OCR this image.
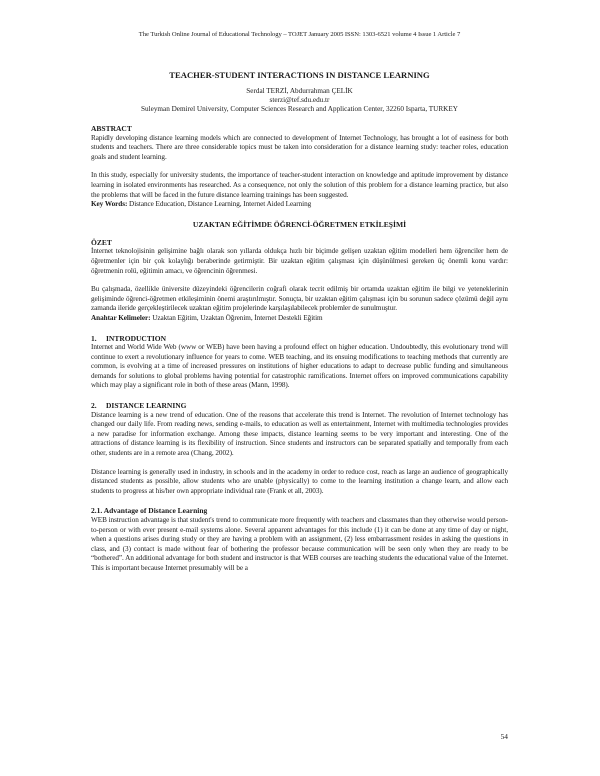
The Turkish Online Journal of Educational Technology – TOJET January 2005 ISSN: 1303-6521 volume 4 Issue 1 Article 7
TEACHER-STUDENT INTERACTIONS IN DISTANCE LEARNING
Serdal TERZİ, Abdurrahman ÇELİK
sterzi@tef.sdu.edu.tr
Suleyman Demirel University, Computer Sciences Research and Application Center, 32260 Isparta, TURKEY
ABSTRACT

Rapidly developing distance learning models which are connected to development of Internet Technology, has brought a lot of easiness for both students and teachers. There are three considerable topics must be taken into consideration for a distance learning study: teacher roles, education goals and student learning.

In this study, especially for university students, the importance of teacher-student interaction on knowledge and aptitude improvement by distance learning in isolated environments has researched. As a consequence, not only the solution of this problem for a distance learning practice, but also the problems that will be faced in the future distance learning trainings has been suggested.

Key Words: Distance Education, Distance Learning, Internet Aided Learning

UZAKTAN EĞİTİMDE ÖĞRENCİ-ÖĞRETMEN ETKİLEŞİMİ
ÖZET

İnternet teknolojisinin gelişimine bağlı olarak son yıllarda oldukça hızlı bir biçimde gelişen uzaktan eğitim modelleri hem öğrenciler hem de öğretmenler için bir çok kolaylığı beraberinde getirmiştir. Bir uzaktan eğitim çalışması için düşünülmesi gereken üç önemli konu vardır: öğretmenin rolü, eğitimin amacı, ve öğrencinin öğrenmesi.

Bu çalışmada, özellikle üniversite düzeyindeki öğrencilerin coğrafi olarak tecrit edilmiş bir ortamda uzaktan eğitim ile bilgi ve yeteneklerinin gelişiminde öğrenci-öğretmen etkileşiminin önemi araştırılmıştır. Sonuçta, bir uzaktan eğitim çalışması için bu sorunun sadece çözümü değil aynı zamanda ileride gerçekleştirilecek uzaktan eğitim projelerinde karşılaşılabilecek problemler de sunulmuştur.

Anahtar Kelimeler: Uzaktan Eğitim, Uzaktan Öğrenim, İnternet Destekli Eğitim

1.  INTRODUCTION

Internet and World Wide Web (www or WEB) have been having a profound effect on higher education. Undoubtedly, this evolutionary trend will continue to exert a revolutionary influence for years to come. WEB teaching, and its ensuing modifications to teaching methods that currently are common, is evolving at a time of increased pressures on institutions of higher educations to adapt to decrease public funding and simultaneous demands for solutions to global problems having potential for catastrophic ramifications. Internet offers on improved communications capability which may play a significant role in both of these areas (Mann, 1998).

2.  DISTANCE LEARNING

Distance learning is a new trend of education. One of the reasons that accelerate this trend is Internet. The revolution of Internet technology has changed our daily life. From reading news, sending e-mails, to education as well as entertainment, Internet with multimedia technologies provides a new paradise for information exchange. Among these impacts, distance learning seems to be very important and interesting. One of the attractions of distance learning is its flexibility of instruction. Since students and instructors can be separated spatially and temporally from each other, students are in a remote area (Chang, 2002).

Distance learning is generally used in industry, in schools and in the academy in order to reduce cost, reach as large an audience of geographically distanced students as possible, allow students who are unable (physically) to come to the learning institution a change learn, and allow each students to progress at his/her own appropriate individual rate (Frank et all, 2003).

2.1. Advantage of Distance Learning

WEB instruction advantage is that student's trend to communicate more frequently with teachers and classmates than they otherwise would person-to-person or with ever present e-mail systems alone. Several apparent advantages for this include (1) it can be done at any time of day or night, when a questions arises during study or they are having a problem with an assignment, (2) less embarrassment resides in asking the questions in class, and (3) contact is made without fear of bothering the professor because communication will be seen only when they are ready to be “bothered”. An additional advantage for both student and instructor is that WEB courses are teaching students the educational value of the Internet. This is important because Internet presumably will be a

54
